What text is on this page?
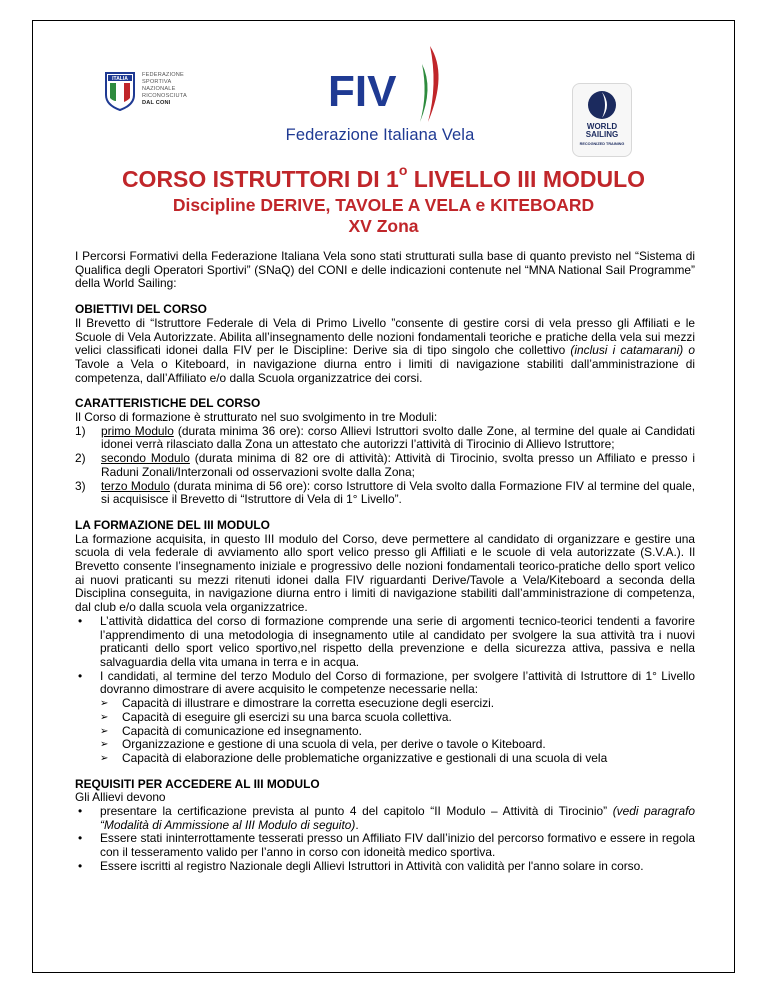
ITALIA
FEDERAZIONE
SPORTIVA NAZIONALE
RICONOSCIUTA
DAL CONI	FIV
Federazione Italiana Vela	WORLD
SAILING
RECOGNIZED TRAINING
CORSO ISTRUTTORI DI 1$^o$ LIVELLO III MODULO
Discipline DERIVE, TAVOLE A VELA e KITEBOARD
XV Zona

I Percorsi Formativi della Federazione Italiana Vela sono stati strutturati sulla base di quanto previsto nel “Sistema di Qualifica degli Operatori Sportivi” (SNaQ) del CONI e delle indicazioni contenute nel “MNA National Sail Programme” della World Sailing:

OBIETTIVI DEL CORSO

Il Brevetto di “Istruttore Federale di Vela di Primo Livello ”consente di gestire corsi di vela presso gli Affiliati e le Scuole di Vela Autorizzate. Abilita all’insegnamento delle nozioni fondamentali teoriche e pratiche della vela sui mezzi velici classificati idonei dalla FIV per le Discipline: Derive sia di tipo singolo che collettivo (inclusi i catamarani) o Tavole a Vela o Kiteboard, in navigazione diurna entro i limiti di navigazione stabiliti dall’amministrazione di competenza, dall’Affiliato e/o dalla Scuola organizzatrice dei corsi.

CARATTERISTICHE DEL CORSO

Il Corso di formazione è strutturato nel suo svolgimento in tre Moduli:

1) primo Modulo (durata minima 36 ore): corso Allievi Istruttori svolto dalle Zone, al termine del quale ai Candidati idonei verrà rilasciato dalla Zona un attestato che autorizzi l’attività di Tirocinio di Allievo Istruttore;
2) secondo Modulo (durata minima di 82 ore di attività): Attività di Tirocinio, svolta presso un Affiliato e presso i Raduni Zonali/Interzonali od osservazioni svolte dalla Zona;
3) terzo Modulo (durata minima di 56 ore): corso Istruttore di Vela svolto dalla Formazione FIV al termine del quale, si acquisisce il Brevetto di “Istruttore di Vela di 1° Livello”.

LA FORMAZIONE DEL III MODULO

La formazione acquisita, in questo III modulo del Corso, deve permettere al candidato di organizzare e gestire una scuola di vela federale di avviamento allo sport velico presso gli Affiliati e le scuole di vela autorizzate (S.V.A.). Il Brevetto consente l’insegnamento iniziale e progressivo delle nozioni fondamentali teorico-pratiche dello sport velico ai nuovi praticanti su mezzi ritenuti idonei dalla FIV riguardanti Derive/Tavole a Vela/Kiteboard a seconda della Disciplina conseguita, in navigazione diurna entro i limiti di navigazione stabiliti dall’amministrazione di competenza, dal club e/o dalla scuola vela organizzatrice.

• L’attività didattica del corso di formazione comprende una serie di argomenti tecnico-teorici tendenti a favorire l’apprendimento di una metodologia di insegnamento utile al candidato per svolgere la sua attività tra i nuovi praticanti dello sport velico sportivo,nel rispetto della prevenzione e della sicurezza attiva, passiva e nella salvaguardia della vita umana in terra e in acqua.
• I candidati, al termine del terzo Modulo del Corso di formazione, per svolgere l’attività di Istruttore di 1° Livello dovranno dimostrare di avere acquisito le competenze necessarie nella:
➢ Capacità di illustrare e dimostrare la corretta esecuzione degli esercizi.
➢ Capacità di eseguire gli esercizi su una barca scuola collettiva.
➢ Capacità di comunicazione ed insegnamento.
➢ Organizzazione e gestione di una scuola di vela, per derive o tavole o Kiteboard.
➢ Capacità di elaborazione delle problematiche organizzative e gestionali di una scuola di vela

REQUISITI PER ACCEDERE AL III MODULO

Gli Allievi devono

• presentare la certificazione prevista al punto 4 del capitolo “II Modulo – Attività di Tirocinio” (vedi paragrafo “Modalità di Ammissione al III Modulo di seguito).
• Essere stati ininterrottamente tesserati presso un Affiliato FIV dall’inizio del percorso formativo e essere in regola con il tesseramento valido per l’anno in corso con idoneità medico sportiva.
• Essere iscritti al registro Nazionale degli Allievi Istruttori in Attività con validità per l'anno solare in corso.
